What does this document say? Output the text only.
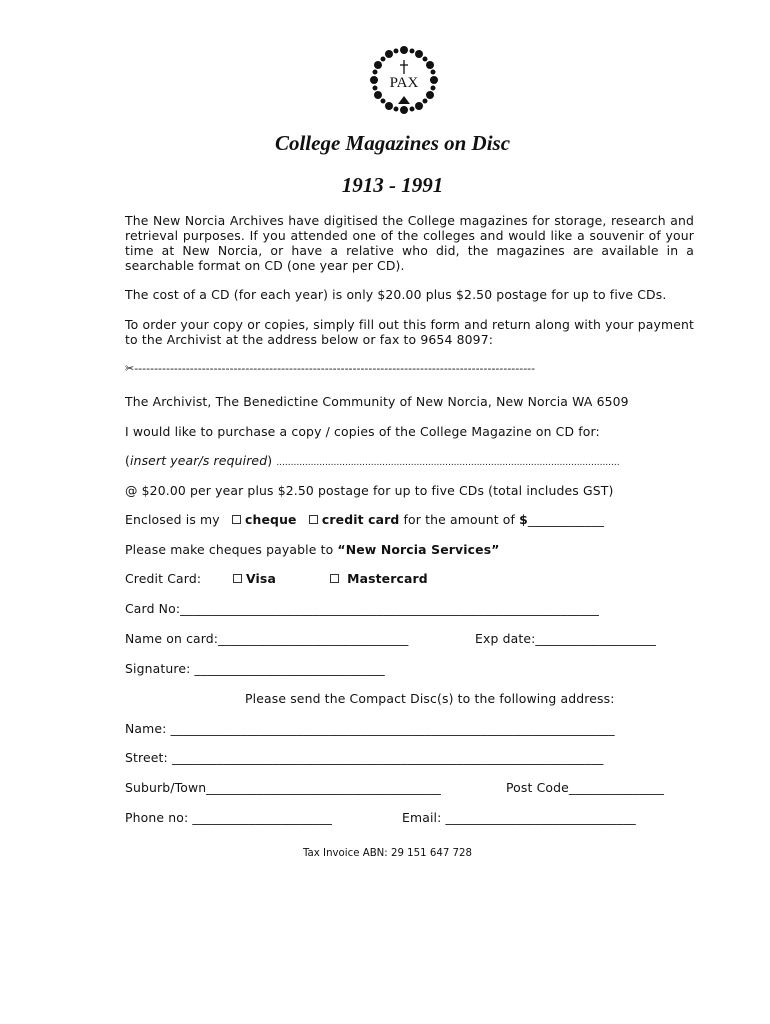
PAX
College Magazines on Disc
1913 - 1991
The New Norcia Archives have digitised the College magazines for storage, research and retrieval purposes. If you attended one of the colleges and would like a souvenir of your time at New Norcia, or have a relative who did, the magazines are available in a searchable format on CD (one year per CD).
The cost of a CD (for each year) is only $20.00 plus $2.50 postage for up to five CDs.
To order your copy or copies, simply fill out this form and return along with your payment to the Archivist at the address below or fax to 9654 8097:
✂-----------------------------------------------------------------------------------------------------
The Archivist, The Benedictine Community of New Norcia, New Norcia WA 6509
I would like to purchase a copy / copies of the College Magazine on CD for:
(insert year/s required) ........................................................................................................................
@ $20.00 per year plus $2.50 postage for up to five CDs (total includes GST)
Enclosed is my cheque credit card for the amount of $____________
Please make cheques payable to “New Norcia Services”
Credit Card:	Visa	Mastercard
Card No:__________________________________________________________________
Name on card:______________________________	Exp date:___________________
Signature: ______________________________
Please send the Compact Disc(s) to the following address:
Name: ______________________________________________________________________
Street: ____________________________________________________________________
Suburb/Town_____________________________________	Post Code_______________
Phone no: ______________________	Email: ______________________________
Tax Invoice ABN: 29 151 647 728
